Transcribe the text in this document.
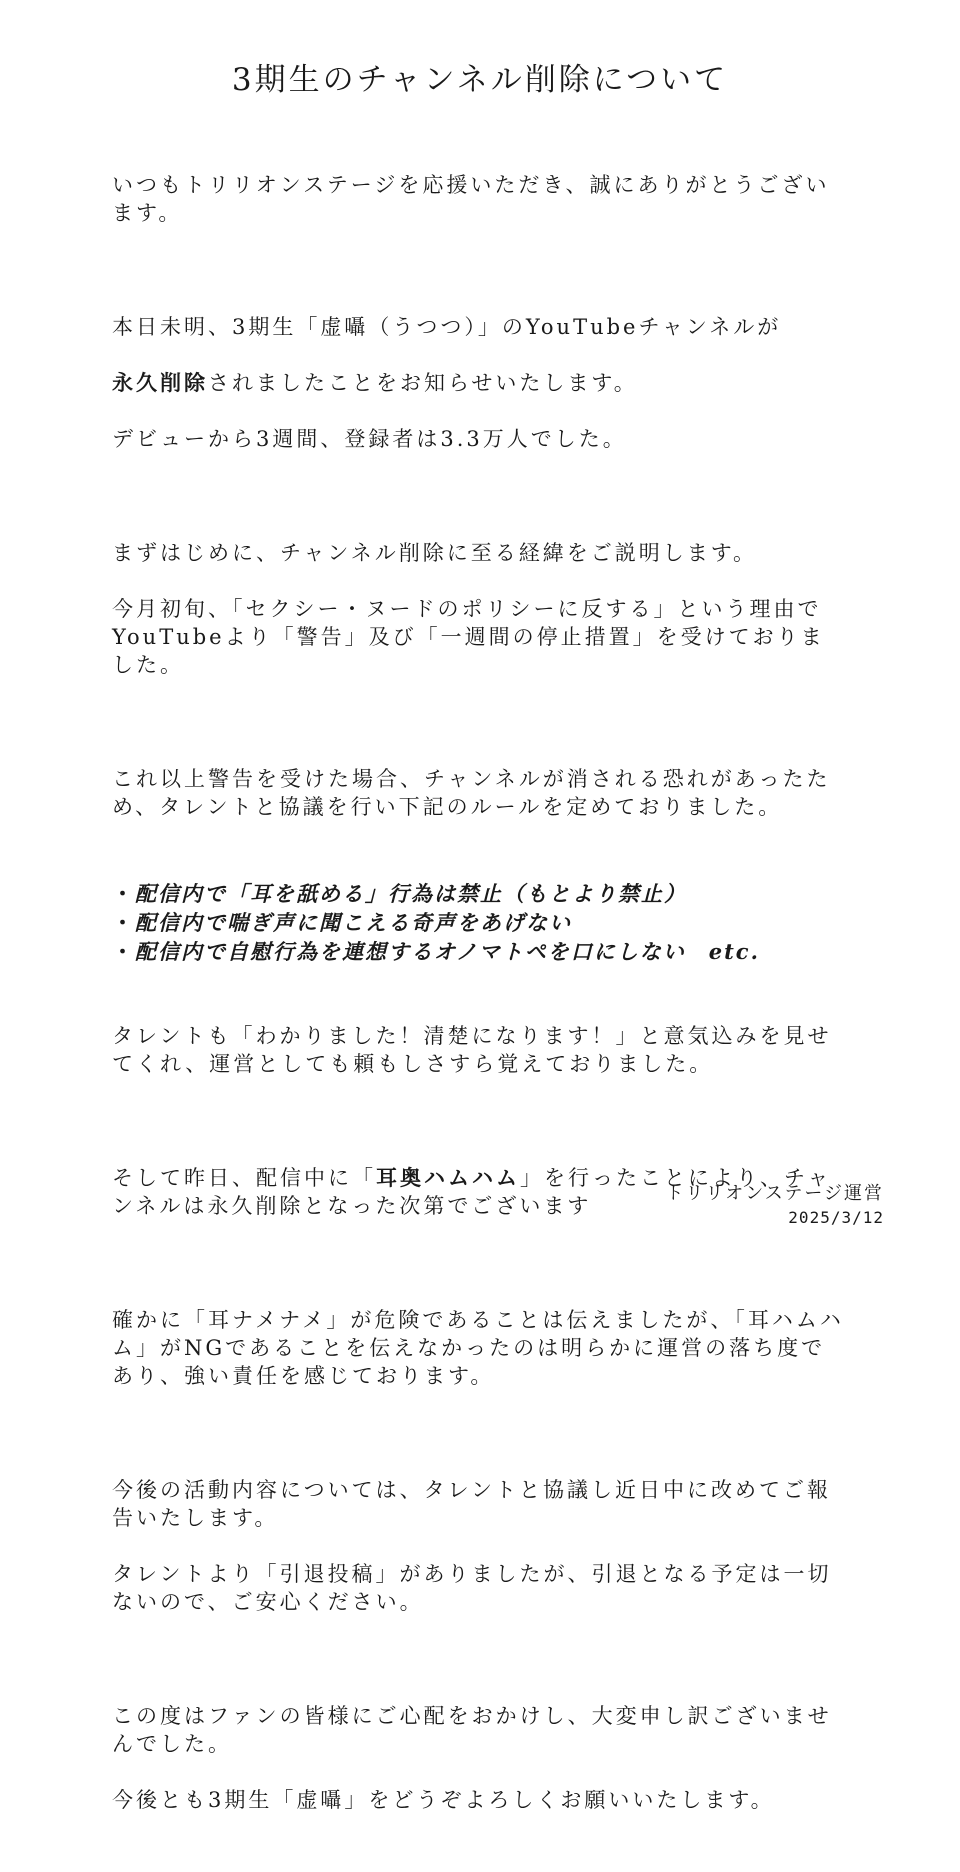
3期生のチャンネル削除について

いつもトリリオンステージを応援いただき、誠にありがとうございます。

本日未明、3期生「虚囁（うつつ）」のYouTubeチャンネルが

永久削除されましたことをお知らせいたします。

デビューから3週間、登録者は3.3万人でした。

まずはじめに、チャンネル削除に至る経緯をご説明します。

今月初旬、「セクシー・ヌードのポリシーに反する」という理由でYouTubeより「警告」及び「一週間の停止措置」を受けておりました。

これ以上警告を受けた場合、チャンネルが消される恐れがあったため、タレントと協議を行い下記のルールを定めておりました。

・配信内で「耳を舐める」行為は禁止（もとより禁止）
・配信内で喘ぎ声に聞こえる奇声をあげない
・配信内で自慰行為を連想するオノマトペを口にしない　etc.

タレントも「わかりました！清楚になります！」と意気込みを見せてくれ、運営としても頼もしさすら覚えておりました。

そして昨日、配信中に「耳奥ハムハム」を行ったことにより、チャンネルは永久削除となった次第でございます

確かに「耳ナメナメ」が危険であることは伝えましたが、「耳ハムハム」がNGであることを伝えなかったのは明らかに運営の落ち度であり、強い責任を感じております。

今後の活動内容については、タレントと協議し近日中に改めてご報告いたします。

タレントより「引退投稿」がありましたが、引退となる予定は一切ないので、ご安心ください。

この度はファンの皆様にご心配をおかけし、大変申し訳ございませんでした。

今後とも3期生「虚囁」をどうぞよろしくお願いいたします。

トリリオンステージ運営
2025/3/12
